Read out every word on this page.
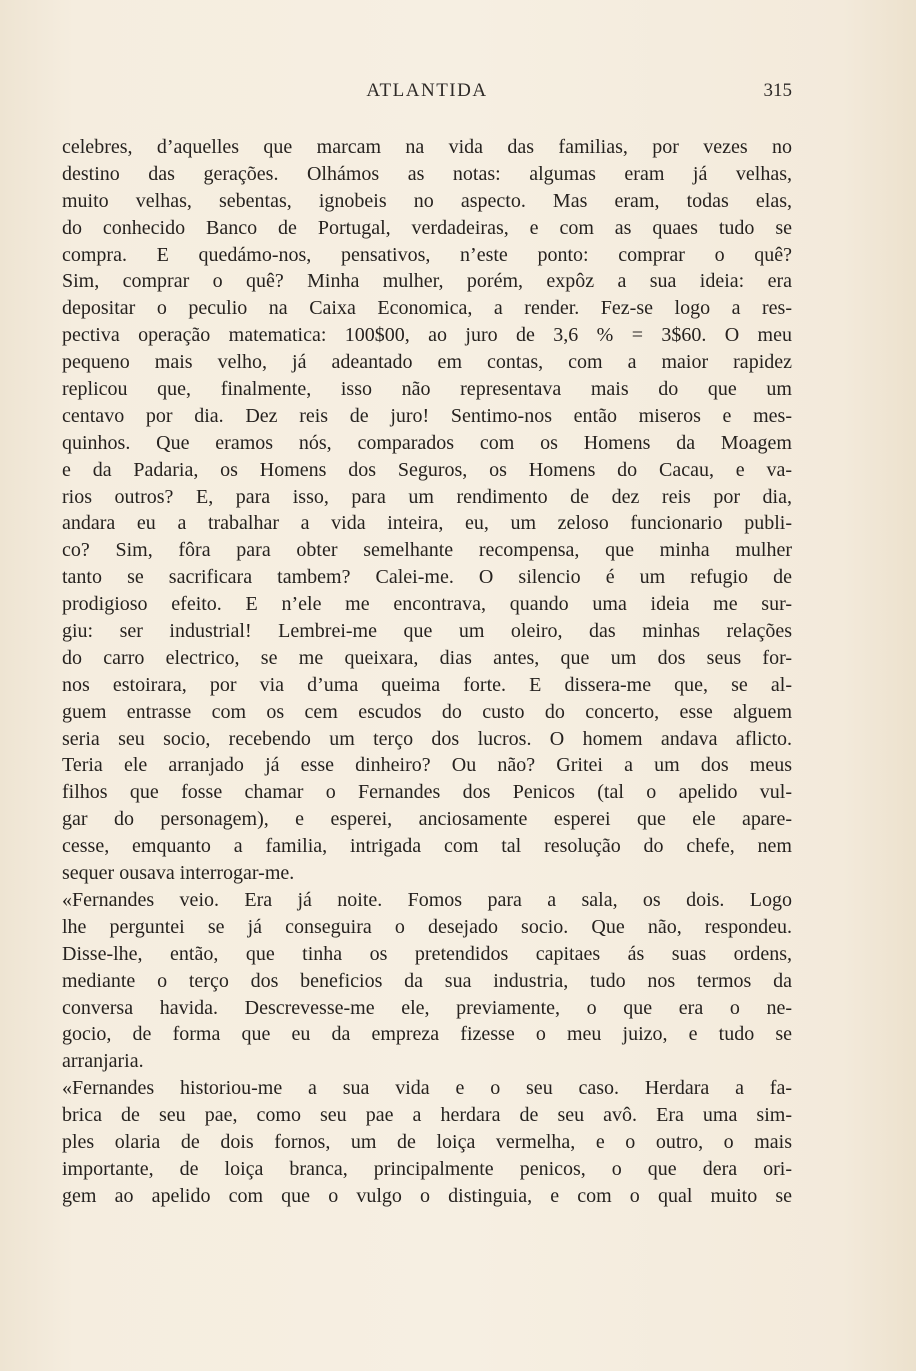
ATLANTIDA	315
celebres, d’aquelles que marcam na vida das familias, por vezes no
destino das gerações. Olhámos as notas: algumas eram já velhas,
muito velhas, sebentas, ignobeis no aspecto. Mas eram, todas elas,
do conhecido Banco de Portugal, verdadeiras, e com as quaes tudo se
compra. E quedámo-nos, pensativos, n’este ponto: comprar o quê?
Sim, comprar o quê? Minha mulher, porém, expôz a sua ideia: era
depositar o peculio na Caixa Economica, a render. Fez-se logo a res-
pectiva operação matematica: 100$00, ao juro de 3,6 % = 3$60. O meu
pequeno mais velho, já adeantado em contas, com a maior rapidez
replicou que, finalmente, isso não representava mais do que um
centavo por dia. Dez reis de juro! Sentimo-nos então miseros e mes-
quinhos. Que eramos nós, comparados com os Homens da Moagem
e da Padaria, os Homens dos Seguros, os Homens do Cacau, e va-
rios outros? E, para isso, para um rendimento de dez reis por dia,
andara eu a trabalhar a vida inteira, eu, um zeloso funcionario publi-
co? Sim, fôra para obter semelhante recompensa, que minha mulher
tanto se sacrificara tambem? Calei-me. O silencio é um refugio de
prodigioso efeito. E n’ele me encontrava, quando uma ideia me sur-
giu: ser industrial! Lembrei-me que um oleiro, das minhas relações
do carro electrico, se me queixara, dias antes, que um dos seus for-
nos estoirara, por via d’uma queima forte. E dissera-me que, se al-
guem entrasse com os cem escudos do custo do concerto, esse alguem
seria seu socio, recebendo um terço dos lucros. O homem andava aflicto.
Teria ele arranjado já esse dinheiro? Ou não? Gritei a um dos meus
filhos que fosse chamar o Fernandes dos Penicos (tal o apelido vul-
gar do personagem), e esperei, anciosamente esperei que ele apare-
cesse, emquanto a familia, intrigada com tal resolução do chefe, nem
sequer ousava interrogar-me.
«Fernandes veio. Era já noite. Fomos para a sala, os dois. Logo
lhe perguntei se já conseguira o desejado socio. Que não, respondeu.
Disse-lhe, então, que tinha os pretendidos capitaes ás suas ordens,
mediante o terço dos beneficios da sua industria, tudo nos termos da
conversa havida. Descrevesse-me ele, previamente, o que era o ne-
gocio, de forma que eu da empreza fizesse o meu juizo, e tudo se
arranjaria.
«Fernandes historiou-me a sua vida e o seu caso. Herdara a fa-
brica de seu pae, como seu pae a herdara de seu avô. Era uma sim-
ples olaria de dois fornos, um de loiça vermelha, e o outro, o mais
importante, de loiça branca, principalmente penicos, o que dera ori-
gem ao apelido com que o vulgo o distinguia, e com o qual muito se
